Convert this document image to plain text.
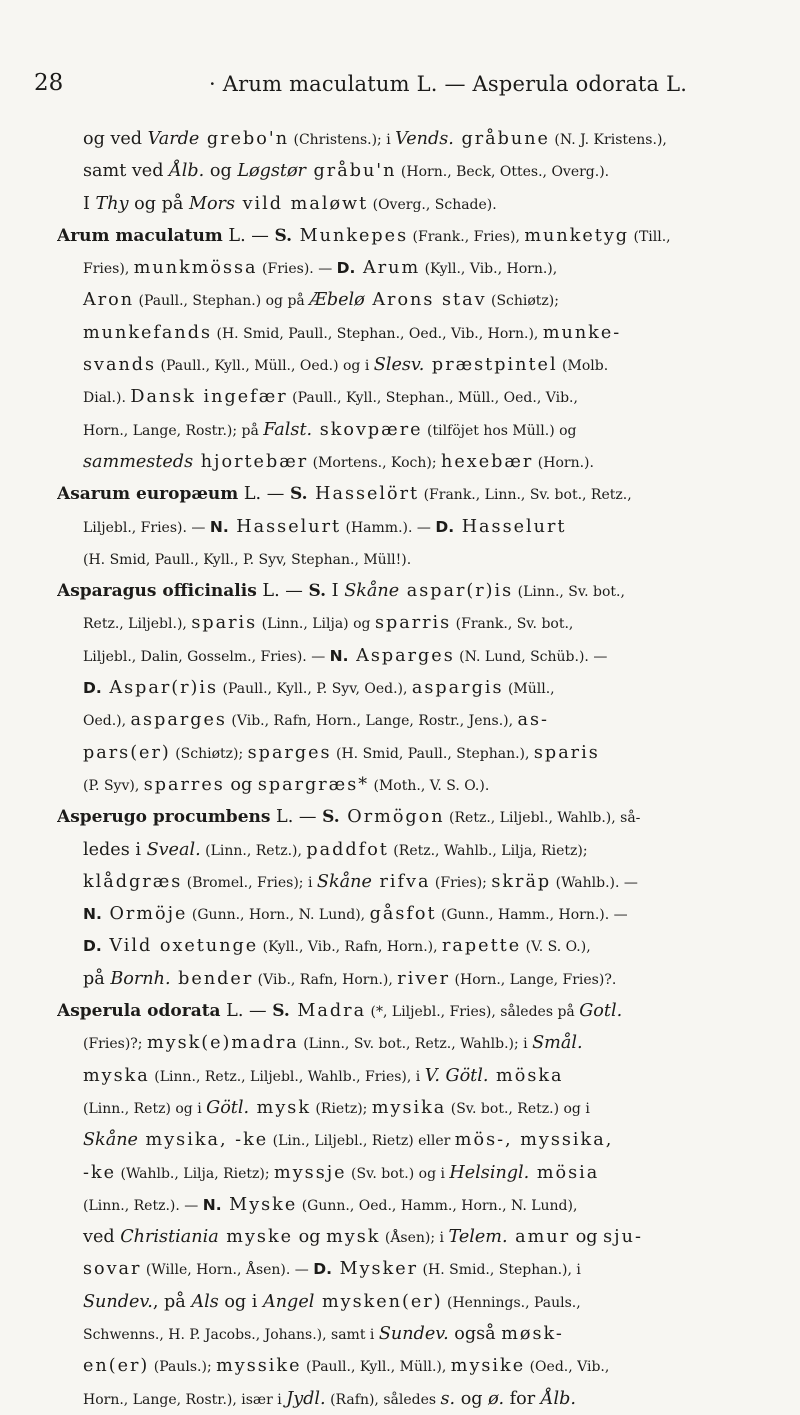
28	· Arum maculatum L. — Asperula odorata L.
og ved Varde grebo'n (Christens.); i Vends. gråbune (N. J. Kristens.),
samt ved Ålb. og Løgstør gråbu'n (Horn., Beck, Ottes., Overg.).
I Thy og på Mors vild maløwt (Overg., Schade).
Arum maculatum L. — S. Munkepes (Frank., Fries), munketyg (Till.,
Fries), munkmössa (Fries). — D. Arum (Kyll., Vib., Horn.),
Aron (Paull., Stephan.) og på Æbelø Arons stav (Schiøtz);
munkefands (H. Smid, Paull., Stephan., Oed., Vib., Horn.), munke-
svands (Paull., Kyll., Müll., Oed.) og i Slesv. præstpintel (Molb.
Dial.). Dansk ingefær (Paull., Kyll., Stephan., Müll., Oed., Vib.,
Horn., Lange, Rostr.); på Falst. skovpære (tilföjet hos Müll.) og
sammesteds hjortebær (Mortens., Koch); hexebær (Horn.).
Asarum europæum L. — S. Hasselört (Frank., Linn., Sv. bot., Retz.,
Liljebl., Fries). — N. Hasselurt (Hamm.). — D. Hasselurt
(H. Smid, Paull., Kyll., P. Syv, Stephan., Müll!).
Asparagus officinalis L. — S. I Skåne aspar(r)is (Linn., Sv. bot.,
Retz., Liljebl.), sparis (Linn., Lilja) og sparris (Frank., Sv. bot.,
Liljebl., Dalin, Gosselm., Fries). — N. Asparges (N. Lund, Schüb.). —
D. Aspar(r)is (Paull., Kyll., P. Syv, Oed.), aspargis (Müll.,
Oed.), asparges (Vib., Rafn, Horn., Lange, Rostr., Jens.), as-
pars(er) (Schiøtz); sparges (H. Smid, Paull., Stephan.), sparis
(P. Syv), sparres og spargræs* (Moth., V. S. O.).
Asperugo procumbens L. — S. Ormögon (Retz., Liljebl., Wahlb.), så-
ledes i Sveal. (Linn., Retz.), paddfot (Retz., Wahlb., Lilja, Rietz);
klådgræs (Bromel., Fries); i Skåne rifva (Fries); skräp (Wahlb.). —
N. Ormöje (Gunn., Horn., N. Lund), gåsfot (Gunn., Hamm., Horn.). —
D. Vild oxetunge (Kyll., Vib., Rafn, Horn.), rapette (V. S. O.),
på Bornh. bender (Vib., Rafn, Horn.), river (Horn., Lange, Fries)?.
Asperula odorata L. — S. Madra (*, Liljebl., Fries), således på Gotl.
(Fries)?; mysk(e)madra (Linn., Sv. bot., Retz., Wahlb.); i Smål.
myska (Linn., Retz., Liljebl., Wahlb., Fries), i V. Götl. möska
(Linn., Retz) og i Götl. mysk (Rietz); mysika (Sv. bot., Retz.) og i
Skåne mysika, -ke (Lin., Liljebl., Rietz) eller mös-, myssika,
-ke (Wahlb., Lilja, Rietz); myssje (Sv. bot.) og i Helsingl. mösia
(Linn., Retz.). — N. Myske (Gunn., Oed., Hamm., Horn., N. Lund),
ved Christiania myske og mysk (Åsen); i Telem. amur og sju-
sovar (Wille, Horn., Åsen). — D. Mysker (H. Smid., Stephan.), i
Sundev., på Als og i Angel mysken(er) (Hennings., Pauls.,
Schwenns., H. P. Jacobs., Johans.), samt i Sundev. også møsk-
en(er) (Pauls.); myssike (Paull., Kyll., Müll.), mysike (Oed., Vib.,
Horn., Lange, Rostr.), især i Jydl. (Rafn), således s. og ø. for Ålb.
